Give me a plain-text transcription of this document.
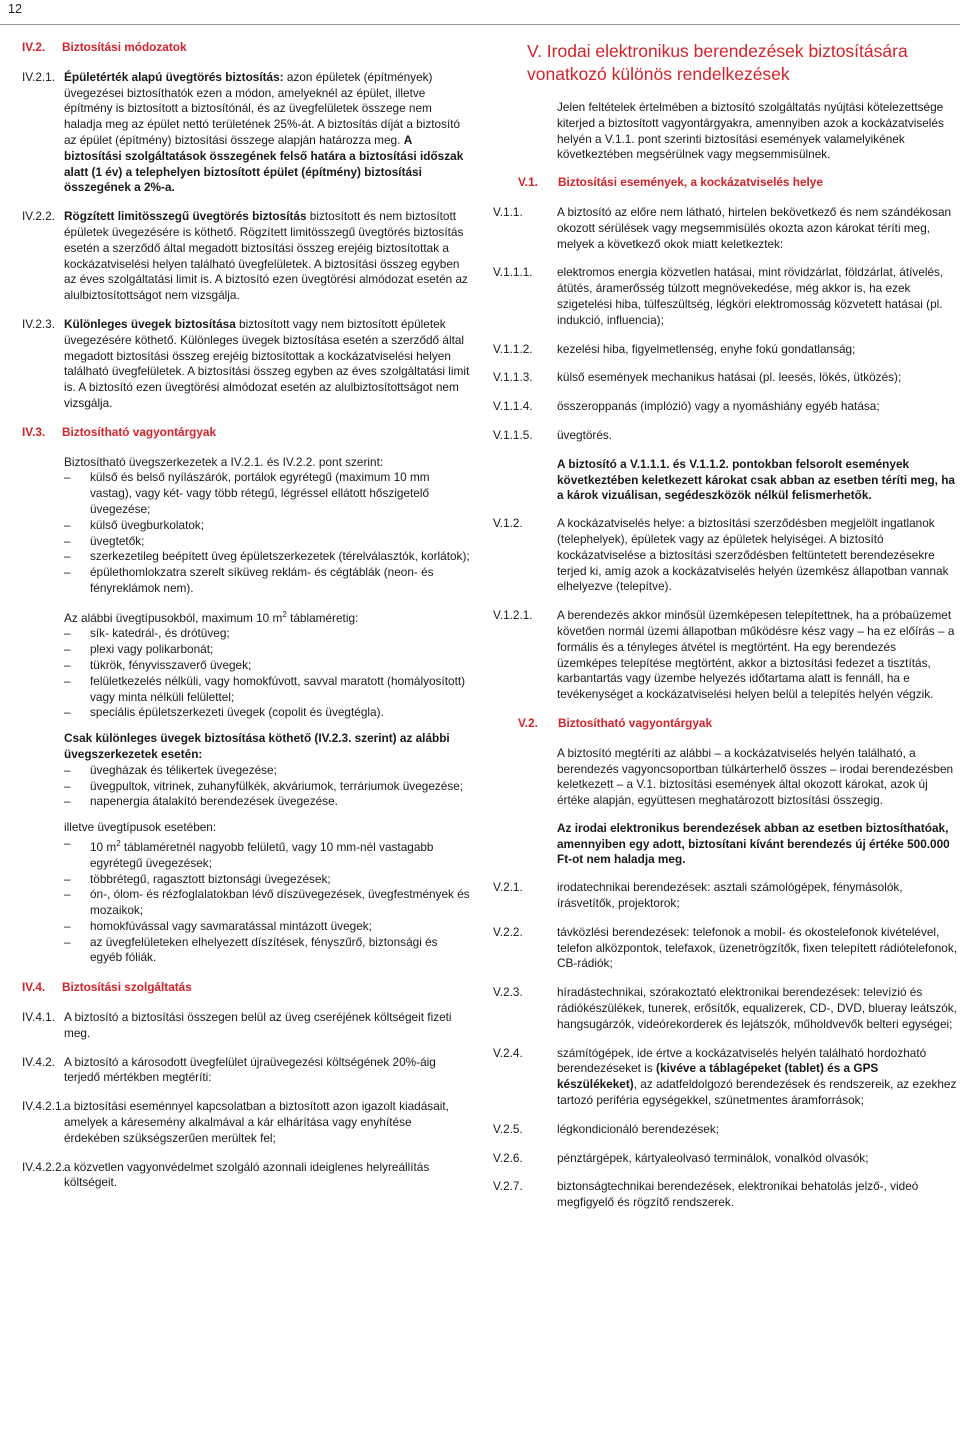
12
IV.2.	Biztosítási módozatok
IV.2.1. Épületérték alapú üvegtörés biztosítás: azon épületek (építmények) üvegezései biztosíthatók ezen a módon, amelyeknél az épület, illetve építmény is biztosított a biztosítónál, és az üvegfelületek összege nem haladja meg az épület nettó területének 25%-át. A biztosítás díját a biztosító az épület (építmény) biztosítási összege alapján határozza meg. A biztosítási szolgáltatások összegének felső határa a biztosítási időszak alatt (1 év) a telephelyen biztosított épület (építmény) biztosítási összegének a 2%-a.
IV.2.2. Rögzített limitösszegű üvegtörés biztosítás biztosított és nem biztosított épületek üvegezésére is köthető. Rögzített limitösszegű üvegtörés biztosítás esetén a szerződő által megadott biztosítási összeg erejéig biztosítottak a kockázatviselési helyen található üvegfelületek. A biztosítási összeg egyben az éves szolgáltatási limit is. A biztosító ezen üvegtörési almódozat esetén az alulbiztosítottságot nem vizsgálja.
IV.2.3. Különleges üvegek biztosítása biztosított vagy nem biztosított épületek üvegezésére köthető. Különleges üvegek biztosítása esetén a szerződő által megadott biztosítási összeg erejéig biztosítottak a kockázatviselési helyen található üvegfelületek. A biztosítási összeg egyben az éves szolgáltatási limit is. A biztosító ezen üvegtörési almódozat esetén az alulbiztosítottságot nem vizsgálja.
IV.3.	Biztosítható vagyontárgyak

Biztosítható üvegszerkezetek a IV.2.1. és IV.2.2. pont szerint:

– külső és belső nyílászárók, portálok egyrétegű (maximum 10 mm vastag), vagy két- vagy több rétegű, légréssel ellátott hőszigetelő üvegezése;
– külső üvegburkolatok;
– üvegtetők;
– szerkezetileg beépített üveg épületszerkezetek (térelválasztók, korlátok);
– épülethomlokzatra szerelt síküveg reklám- és cégtáblák (neon- és fényreklámok nem).

Az alábbi üvegtípusokból, maximum 10 $m^2$ táblaméretig:

– sík- katedrál-, és drótüveg;
– plexi vagy polikarbonát;
– tükrök, fényvisszaverő üvegek;
– felületkezelés nélküli, vagy homokfúvott, savval maratott (homályosított) vagy minta nélküli felülettel;
– speciális épületszerkezeti üvegek (copolit és üvegtégla).

Csak különleges üvegek biztosítása köthető (IV.2.3. szerint) az alábbi üvegszerkezetek esetén:

– üvegházak és télikertek üvegezése;
– üvegpultok, vitrinek, zuhanyfülkék, akváriumok, terráriumok üvegezése;
– napenergia átalakító berendezések üvegezése.

illetve üvegtípusok esetében:

– 10 $m^2$ táblaméretnél nagyobb felületű, vagy 10 mm-nél vastagabb egyrétegű üvegezések;
– többrétegű, ragasztott biztonsági üvegezések;
– ón-, ólom- és rézfoglalatokban lévő díszüvegezések, üvegfestmények és mozaikok;
– homokfúvással vagy savmaratással mintázott üvegek;
– az üvegfelületeken elhelyezett díszítések, fényszűrő, biztonsági és egyéb fóliák.
IV.4.	Biztosítási szolgáltatás
IV.4.1. A biztosító a biztosítási összegen belül az üveg cseréjének költségeit fizeti meg.
IV.4.2. A biztosító a károsodott üvegfelület újraüvegezési költségének 20%-áig terjedő mértékben megtéríti:
IV.4.2.1. a biztosítási eseménnyel kapcsolatban a biztosított azon igazolt kiadásait, amelyek a káresemény alkalmával a kár elhárítása vagy enyhítése érdekében szükségszerűen merültek fel;
IV.4.2.2. a közvetlen vagyonvédelmet szolgáló azonnali ideiglenes helyreállítás költségeit.
V. Irodai elektronikus berendezések biztosítására vonatkozó különös rendelkezések
Jelen feltételek értelmében a biztosító szolgáltatás nyújtási kötelezettsége kiterjed a biztosított vagyontárgyakra, amennyiben azok a kockázatviselés helyén a V.1.1. pont szerinti biztosítási események valamelyikének következtében megsérülnek vagy megsemmisülnek.
V.1.	Biztosítási események, a kockázatviselés helye
V.1.1.	A biztosító az előre nem látható, hirtelen bekövetkező és nem szándékosan okozott sérülések vagy megsemmisülés okozta azon károkat téríti meg, melyek a következő okok miatt keletkeztek:
V.1.1.1.	elektromos energia közvetlen hatásai, mint rövidzárlat, földzárlat, átívelés, átütés, áramerősség túlzott megnövekedése, még akkor is, ha ezek szigetelési hiba, túlfeszültség, légköri elektromosság közvetett hatásai (pl. indukció, influencia);
V.1.1.2.	kezelési hiba, figyelmetlenség, enyhe fokú gondatlanság;
V.1.1.3.	külső események mechanikus hatásai (pl. leesés, lökés, ütközés);
V.1.1.4.	összeroppanás (implózió) vagy a nyomáshiány egyéb hatása;
V.1.1.5.	üvegtörés.
A biztosító a V.1.1.1. és V.1.1.2. pontokban felsorolt események következtében keletkezett károkat csak abban az esetben téríti meg, ha a károk vizuálisan, segédeszközök nélkül felismerhetők.
V.1.2.	A kockázatviselés helye: a biztosítási szerződésben megjelölt ingatlanok (telephelyek), épületek vagy az épületek helyiségei. A biztosító kockázatviselése a biztosítási szerződésben feltüntetett berendezésekre terjed ki, amíg azok a kockázatviselés helyén üzemkész állapotban vannak elhelyezve (telepítve).
V.1.2.1.	A berendezés akkor minősül üzemképesen telepítettnek, ha a próbaüzemet követően normál üzemi állapotban működésre kész vagy – ha ez előírás – a formális és a tényleges átvétel is megtörtént. Ha egy berendezés üzemképes telepítése megtörtént, akkor a biztosítási fedezet a tisztítás, karbantartás vagy üzembe helyezés időtartama alatt is fennáll, ha e tevékenységet a kockázatviselési helyen belül a telepítés helyén végzik.
V.2.	Biztosítható vagyontárgyak
A biztosító megtéríti az alábbi – a kockázatviselés helyén található, a berendezés vagyoncsoportban túlkárterhelő összes – irodai berendezésben keletkezett – a V.1. biztosítási események által okozott károkat, azok új értéke alapján, együttesen meghatározott biztosítási összegig.
Az irodai elektronikus berendezések abban az esetben biztosíthatóak, amennyiben egy adott, biztosítani kívánt berendezés új értéke 500.000 Ft-ot nem haladja meg.
V.2.1.	irodatechnikai berendezések: asztali számológépek, fénymásolók, írásvetítők, projektorok;
V.2.2.	távközlési berendezések: telefonok a mobil- és okostelefonok kivételével, telefon alközpontok, telefaxok, üzenetrögzítők, fixen telepített rádiótelefonok, CB-rádiók;
V.2.3.	híradástechnikai, szórakoztató elektronikai berendezések: televízió és rádiókészülékek, tunerek, erősítők, equalizerek, CD-, DVD, blueray leátszók, hangsugárzók, videórekorderek és lejátszók, műholdvevők belteri egységei;
V.2.4.	számítógépek, ide értve a kockázatviselés helyén található hordozható berendezéseket is (kivéve a táblagépeket (tablet) és a GPS készülékeket), az adatfeldolgozó berendezések és rendszereik, az ezekhez tartozó periféria egységekkel, szünetmentes áramforrások;
V.2.5.	légkondicionáló berendezések;
V.2.6.	pénztárgépek, kártyaleolvasó terminálok, vonalkód olvasók;
V.2.7.	biztonságtechnikai berendezések, elektronikai behatolás jelző-, videó megfigyelő és rögzítő rendszerek.
